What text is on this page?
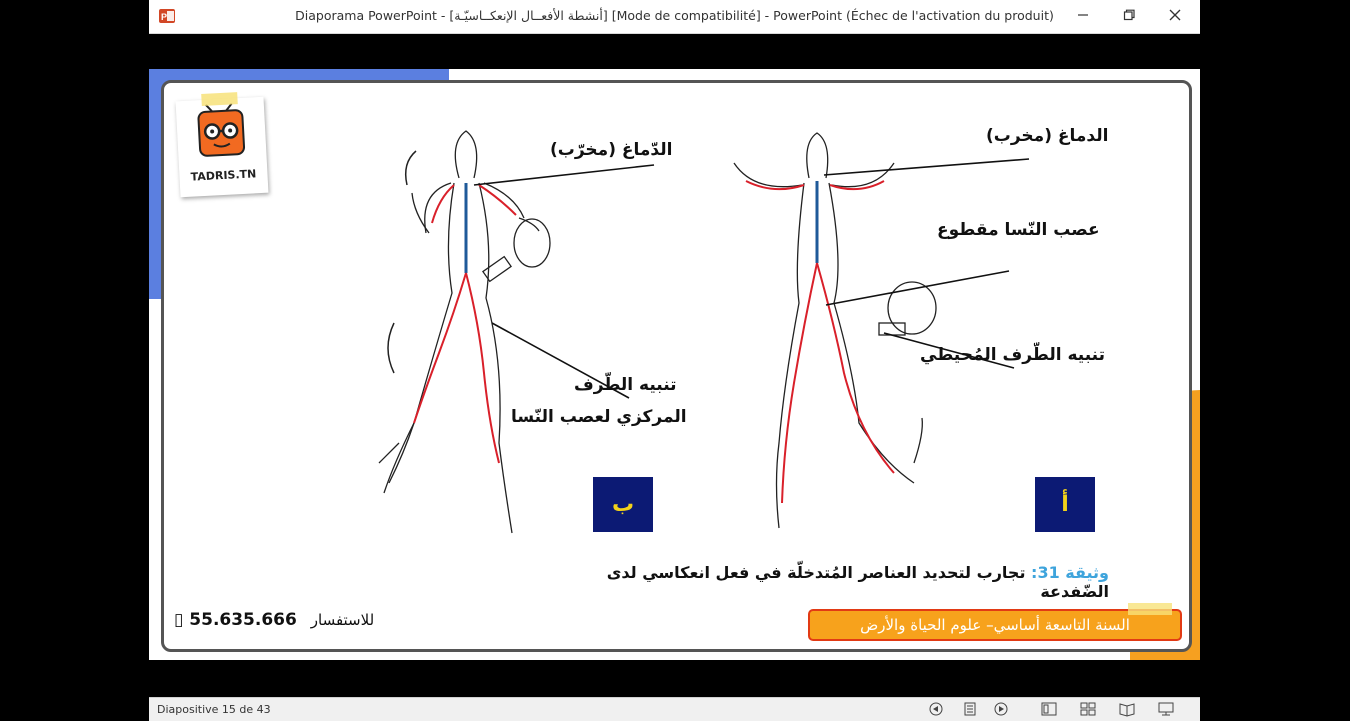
P	Diaporama PowerPoint - [أنشطة الأفعــال الإنعكــاسيّـة] [Mode de compatibilité] - PowerPoint (Échec de l'activation du produit)
TADRIS.TN
الدّماغ (مخرّب)
تنبيه الطّرف
المركزي لعصب النّسا
الدماغ (مخرب)
عصب النّسا مقطوع
تنبيه الطّرف المُحيطي
ب	أ
وثيقة 31: تجارب لتحديد العناصر المُتدخلّة في فعل انعكاسي لدى الضّفدعة
▯ 55.635.666 للاستفسار	السنة التاسعة أساسي– علوم الحياة والأرض
Diapositive 15 de 43
